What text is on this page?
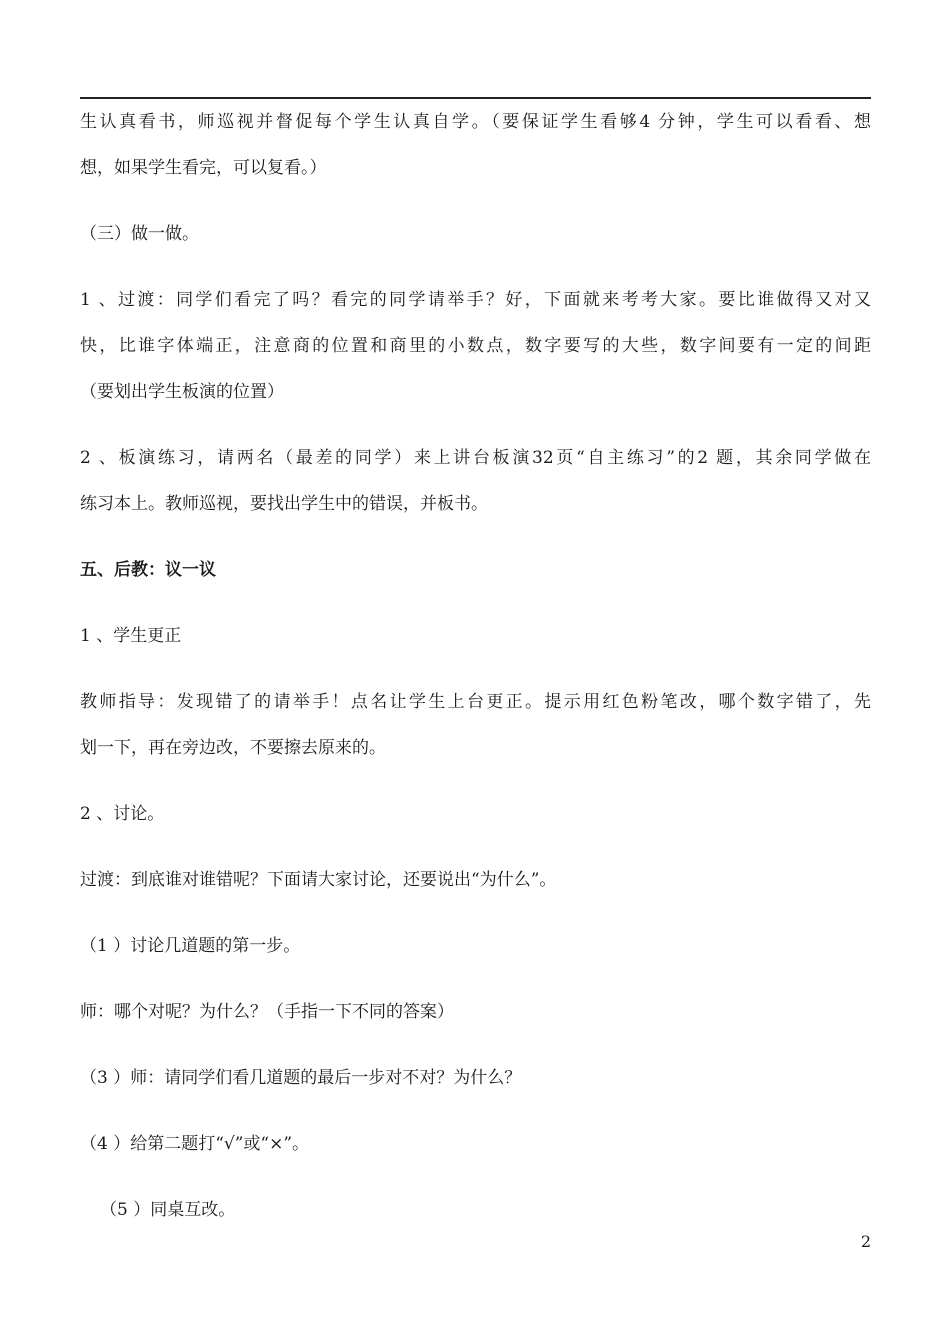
生认真看书，师巡视并督促每个学生认真自学。（要保证学生看够4 分钟，学生可以看看、想

想，如果学生看完，可以复看。）

（三）做一做。

1 、过渡：同学们看完了吗？看完的同学请举手？好，下面就来考考大家。要比谁做得又对又

快，比谁字体端正，注意商的位置和商里的小数点，数字要写的大些，数字间要有一定的间距

（要划出学生板演的位置）

2 、板演练习，请两名（最差的同学）来上讲台板演32页“自主练习”的2 题，其余同学做在

练习本上。教师巡视，要找出学生中的错误，并板书。

五、后教：议一议

1 、学生更正

教师指导：发现错了的请举手！点名让学生上台更正。提示用红色粉笔改，哪个数字错了，先

划一下，再在旁边改，不要擦去原来的。

2 、讨论。

过渡：到底谁对谁错呢？下面请大家讨论，还要说出“为什么”。

（1 ）讨论几道题的第一步。

师：哪个对呢？为什么？（手指一下不同的答案）

（3 ）师：请同学们看几道题的最后一步对不对？为什么？

（4 ）给第二题打“√”或“×”。

（5 ）同桌互改。

2
